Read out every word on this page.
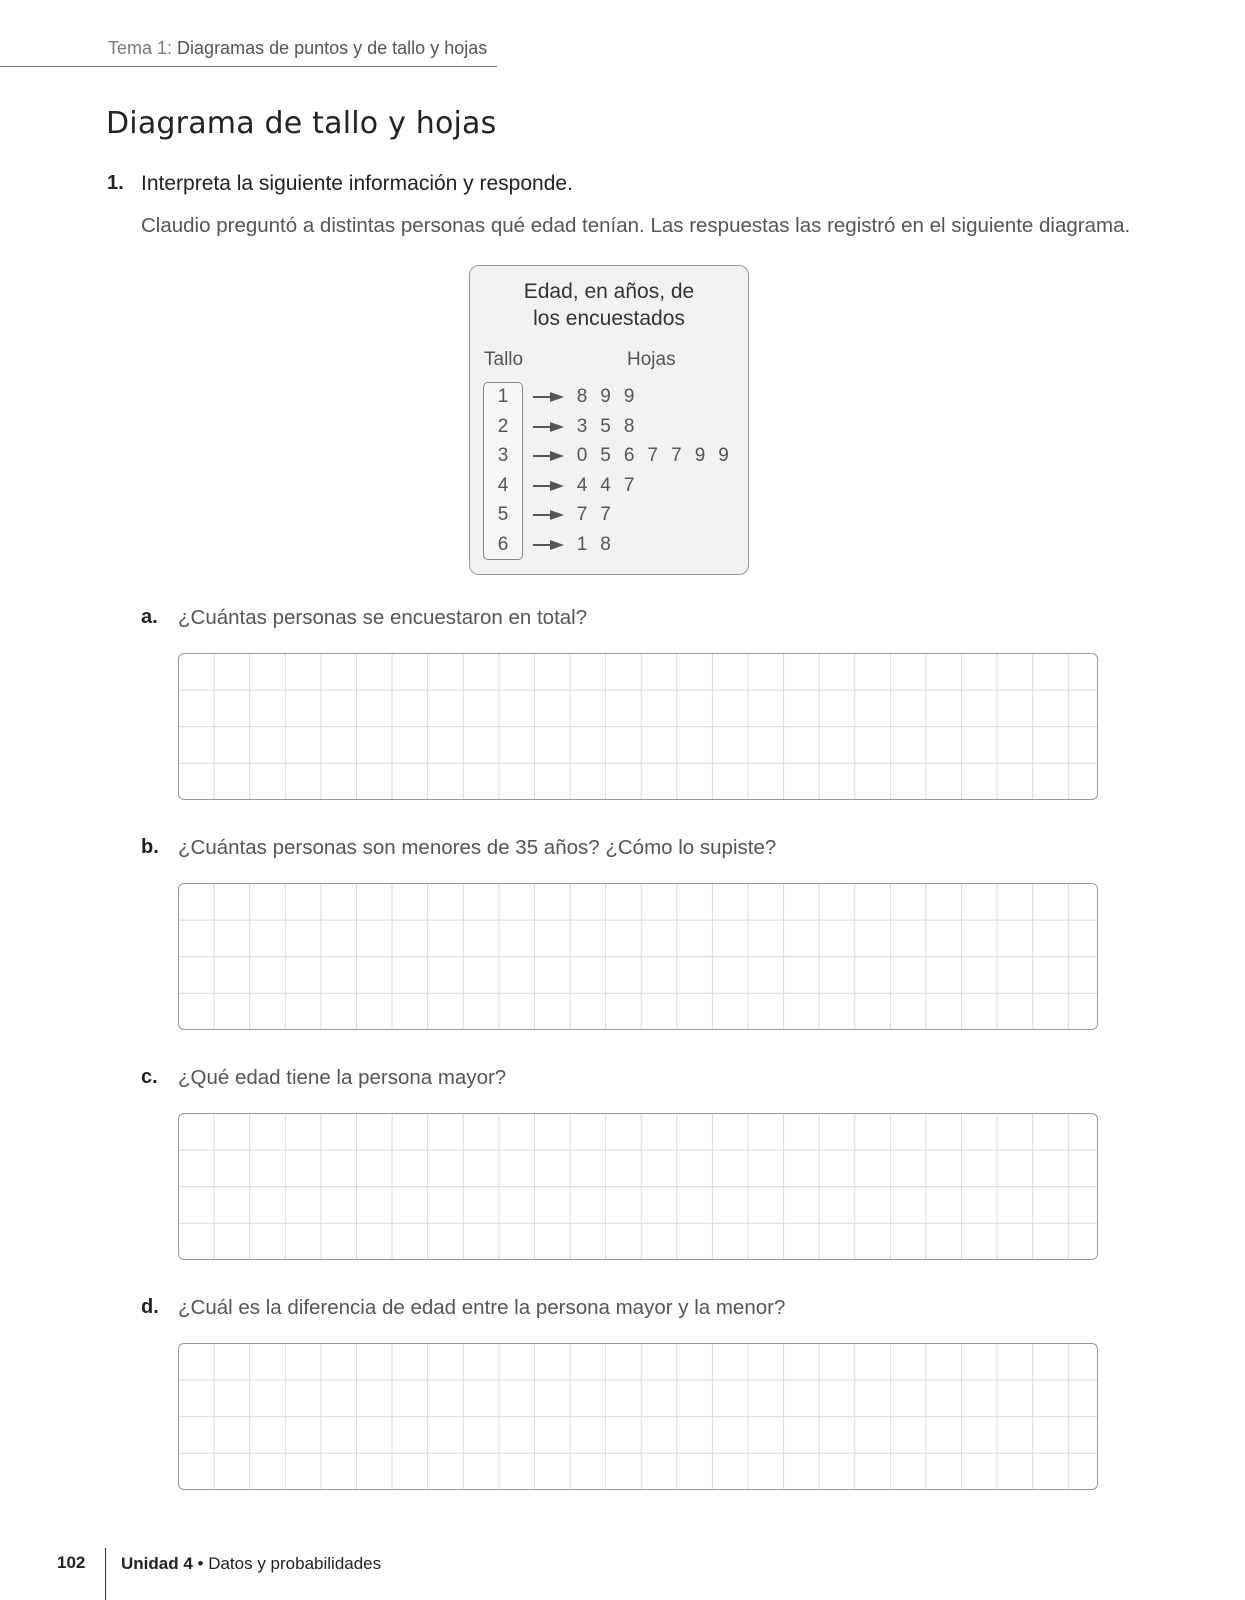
Tema 1: Diagramas de puntos y de tallo y hojas
Diagrama de tallo y hojas
1. Interpreta la siguiente información y responde.
Claudio preguntó a distintas personas qué edad tenían. Las respuestas las registró en el siguiente diagrama.
Edad, en años, de
los encuestados
Tallo	Hojas
1	8 9 9
2	3 5 8
3	0 5 6 7 7 9 9
4	4 4 7
5	7 7
6	1 8
a. ¿Cuántas personas se encuestaron en total?
b. ¿Cuántas personas son menores de 35 años? ¿Cómo lo supiste?
c. ¿Qué edad tiene la persona mayor?
d. ¿Cuál es la diferencia de edad entre la persona mayor y la menor?
102 Unidad 4 • Datos y probabilidades
